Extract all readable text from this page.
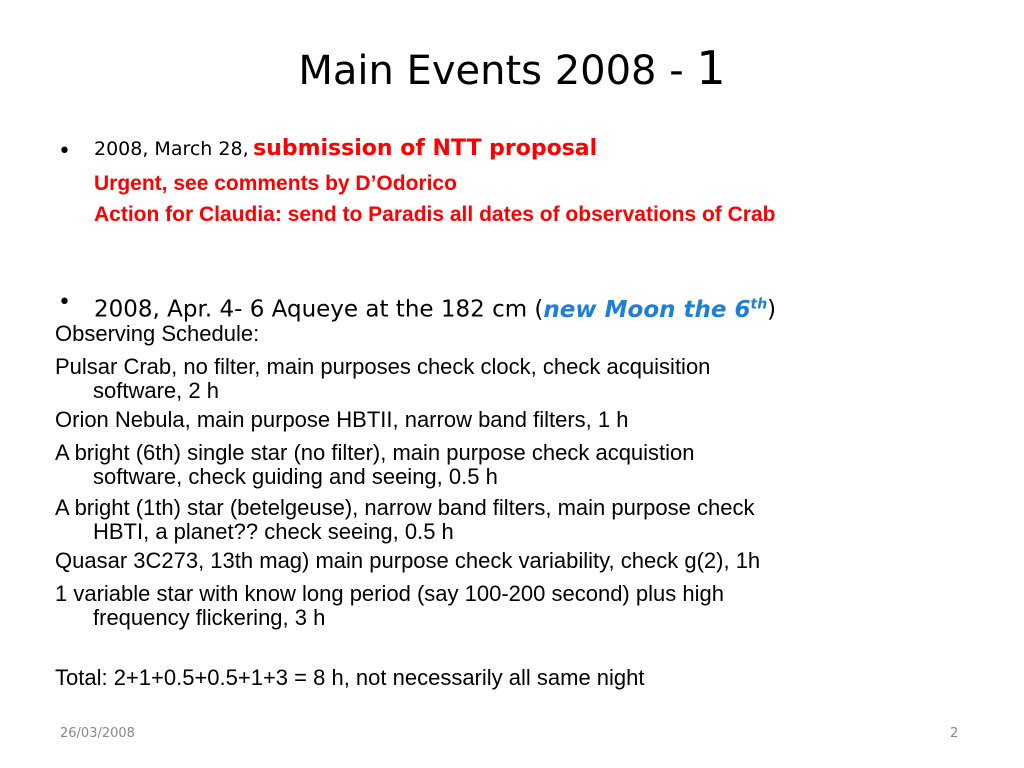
Main Events 2008 - 1
• 2008, March 28, submission of NTT proposal
Urgent, see comments by D’Odorico
Action for Claudia: send to Paradis all dates of observations of Crab
• 2008, Apr. 4- 6 Aqueye at the 182 cm (new Moon the 6th)
Observing Schedule:
Pulsar Crab, no filter, main purposes check clock, check acquisition
software, 2 h
Orion Nebula, main purpose HBTII, narrow band filters, 1 h
A bright (6th) single star (no filter), main purpose check acquistion
software, check guiding and seeing, 0.5 h
A bright (1th) star (betelgeuse), narrow band filters, main purpose check
HBTI, a planet?? check seeing, 0.5 h
Quasar 3C273, 13th mag) main purpose check variability, check g(2), 1h
1 variable star with know long period (say 100-200 second) plus high
frequency flickering, 3 h
Total: 2+1+0.5+0.5+1+3 = 8 h, not necessarily all same night
26/03/2008	2
